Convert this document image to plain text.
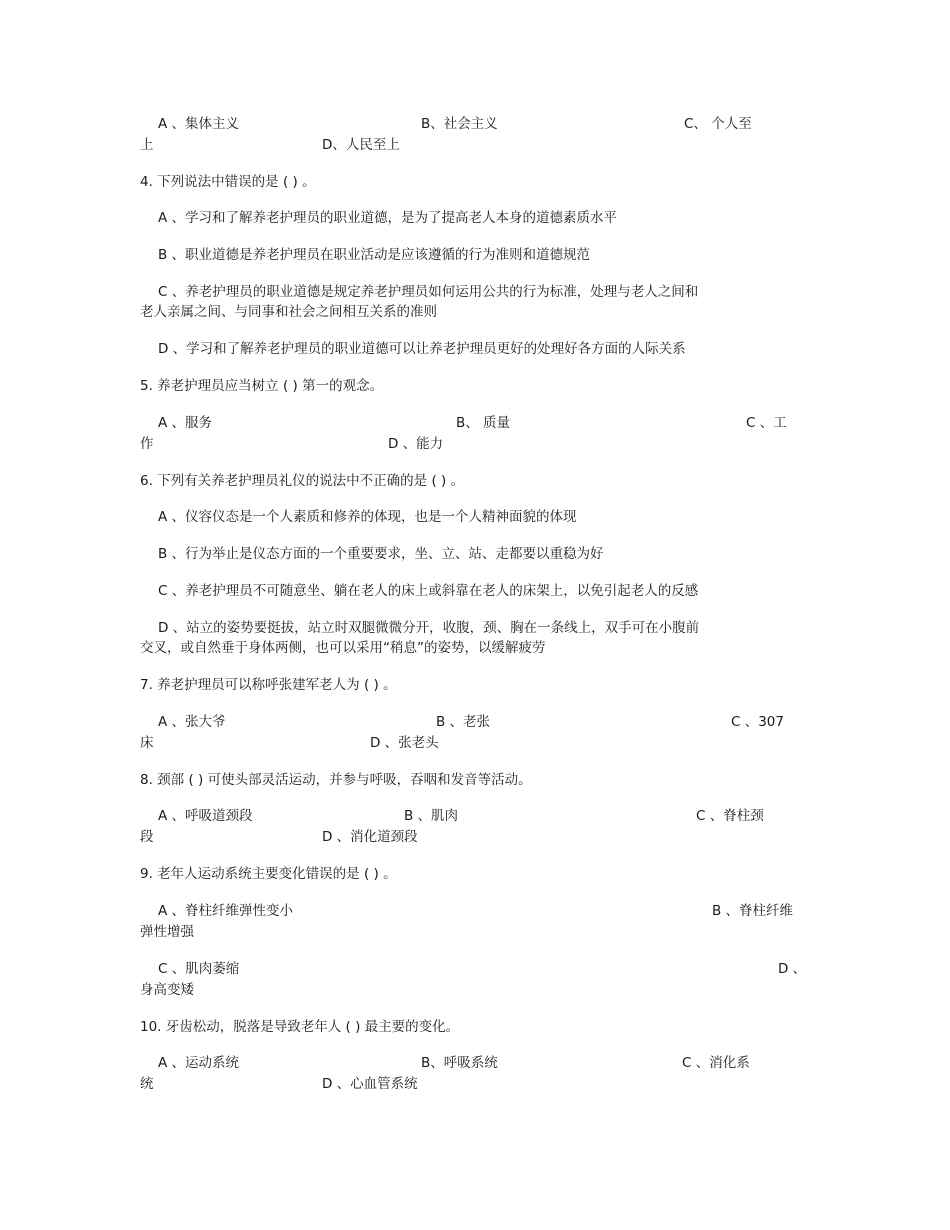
A 、集体主义	B、社会主义	C、 个人至
上	D、人民至上
4. 下列说法中错误的是 ( ) 。
A 、学习和了解养老护理员的职业道德，是为了提高老人本身的道德素质水平
B 、职业道德是养老护理员在职业活动是应该遵循的行为准则和道德规范
C 、养老护理员的职业道德是规定养老护理员如何运用公共的行为标准，处理与老人之间和
老人亲属之间、与同事和社会之间相互关系的准则
D 、学习和了解养老护理员的职业道德可以让养老护理员更好的处理好各方面的人际关系
5. 养老护理员应当树立 ( ) 第一的观念。
A 、服务	B、 质量	C 、工
作	D 、能力
6. 下列有关养老护理员礼仪的说法中不正确的是 ( ) 。
A 、仪容仪态是一个人素质和修养的体现，也是一个人精神面貌的体现
B 、行为举止是仪态方面的一个重要要求，坐、立、站、走都要以重稳为好
C 、养老护理员不可随意坐、躺在老人的床上或斜靠在老人的床架上，以免引起老人的反感
D 、站立的姿势要挺拔，站立时双腿微微分开，收腹，颈、胸在一条线上，双手可在小腹前
交叉，或自然垂于身体两侧，也可以采用“稍息”的姿势，以缓解疲劳
7. 养老护理员可以称呼张建军老人为 ( ) 。
A 、张大爷	B 、老张	C 、307
床	D 、张老头
8. 颈部 ( ) 可使头部灵活运动，并参与呼吸，吞咽和发音等活动。
A 、呼吸道颈段	B 、肌肉	C 、脊柱颈
段	D 、消化道颈段
9. 老年人运动系统主要变化错误的是 ( ) 。
A 、脊柱纤维弹性变小	B 、脊柱纤维
弹性增强
C 、肌肉萎缩	D 、
身高变矮
10. 牙齿松动，脱落是导致老年人 ( ) 最主要的变化。
A 、运动系统	B、呼吸系统	C 、消化系
统	D 、心血管系统
